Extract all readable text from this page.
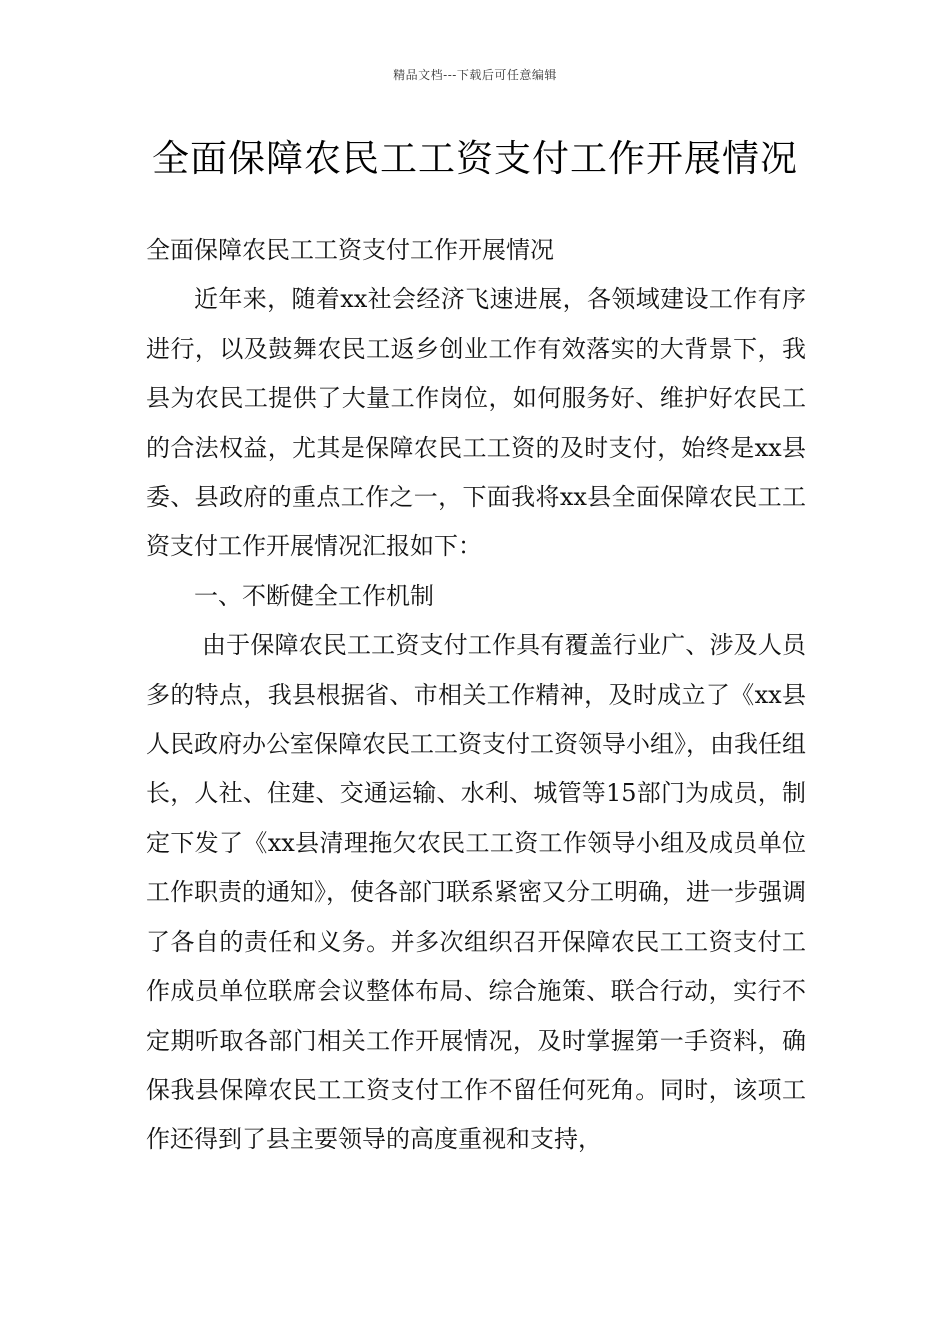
精品文档---下载后可任意编辑
全面保障农民工工资支付工作开展情况

全面保障农民工工资支付工作开展情况

近年来，随着xx社会经济飞速进展，各领域建设工作有序进行，以及鼓舞农民工返乡创业工作有效落实的大背景下，我县为农民工提供了大量工作岗位，如何服务好、维护好农民工的合法权益，尤其是保障农民工工资的及时支付，始终是xx县委、县政府的重点工作之一，下面我将xx县全面保障农民工工资支付工作开展情况汇报如下：

一、不断健全工作机制

由于保障农民工工资支付工作具有覆盖行业广、涉及人员多的特点，我县根据省、市相关工作精神，及时成立了《xx县人民政府办公室保障农民工工资支付工资领导小组》，由我任组长，人社、住建、交通运输、水利、城管等15部门为成员，制定下发了《xx县清理拖欠农民工工资工作领导小组及成员单位工作职责的通知》，使各部门联系紧密又分工明确，进一步强调了各自的责任和义务。并多次组织召开保障农民工工资支付工作成员单位联席会议整体布局、综合施策、联合行动，实行不定期听取各部门相关工作开展情况，及时掌握第一手资料，确保我县保障农民工工资支付工作不留任何死角。同时，该项工作还得到了县主要领导的高度重视和支持，
